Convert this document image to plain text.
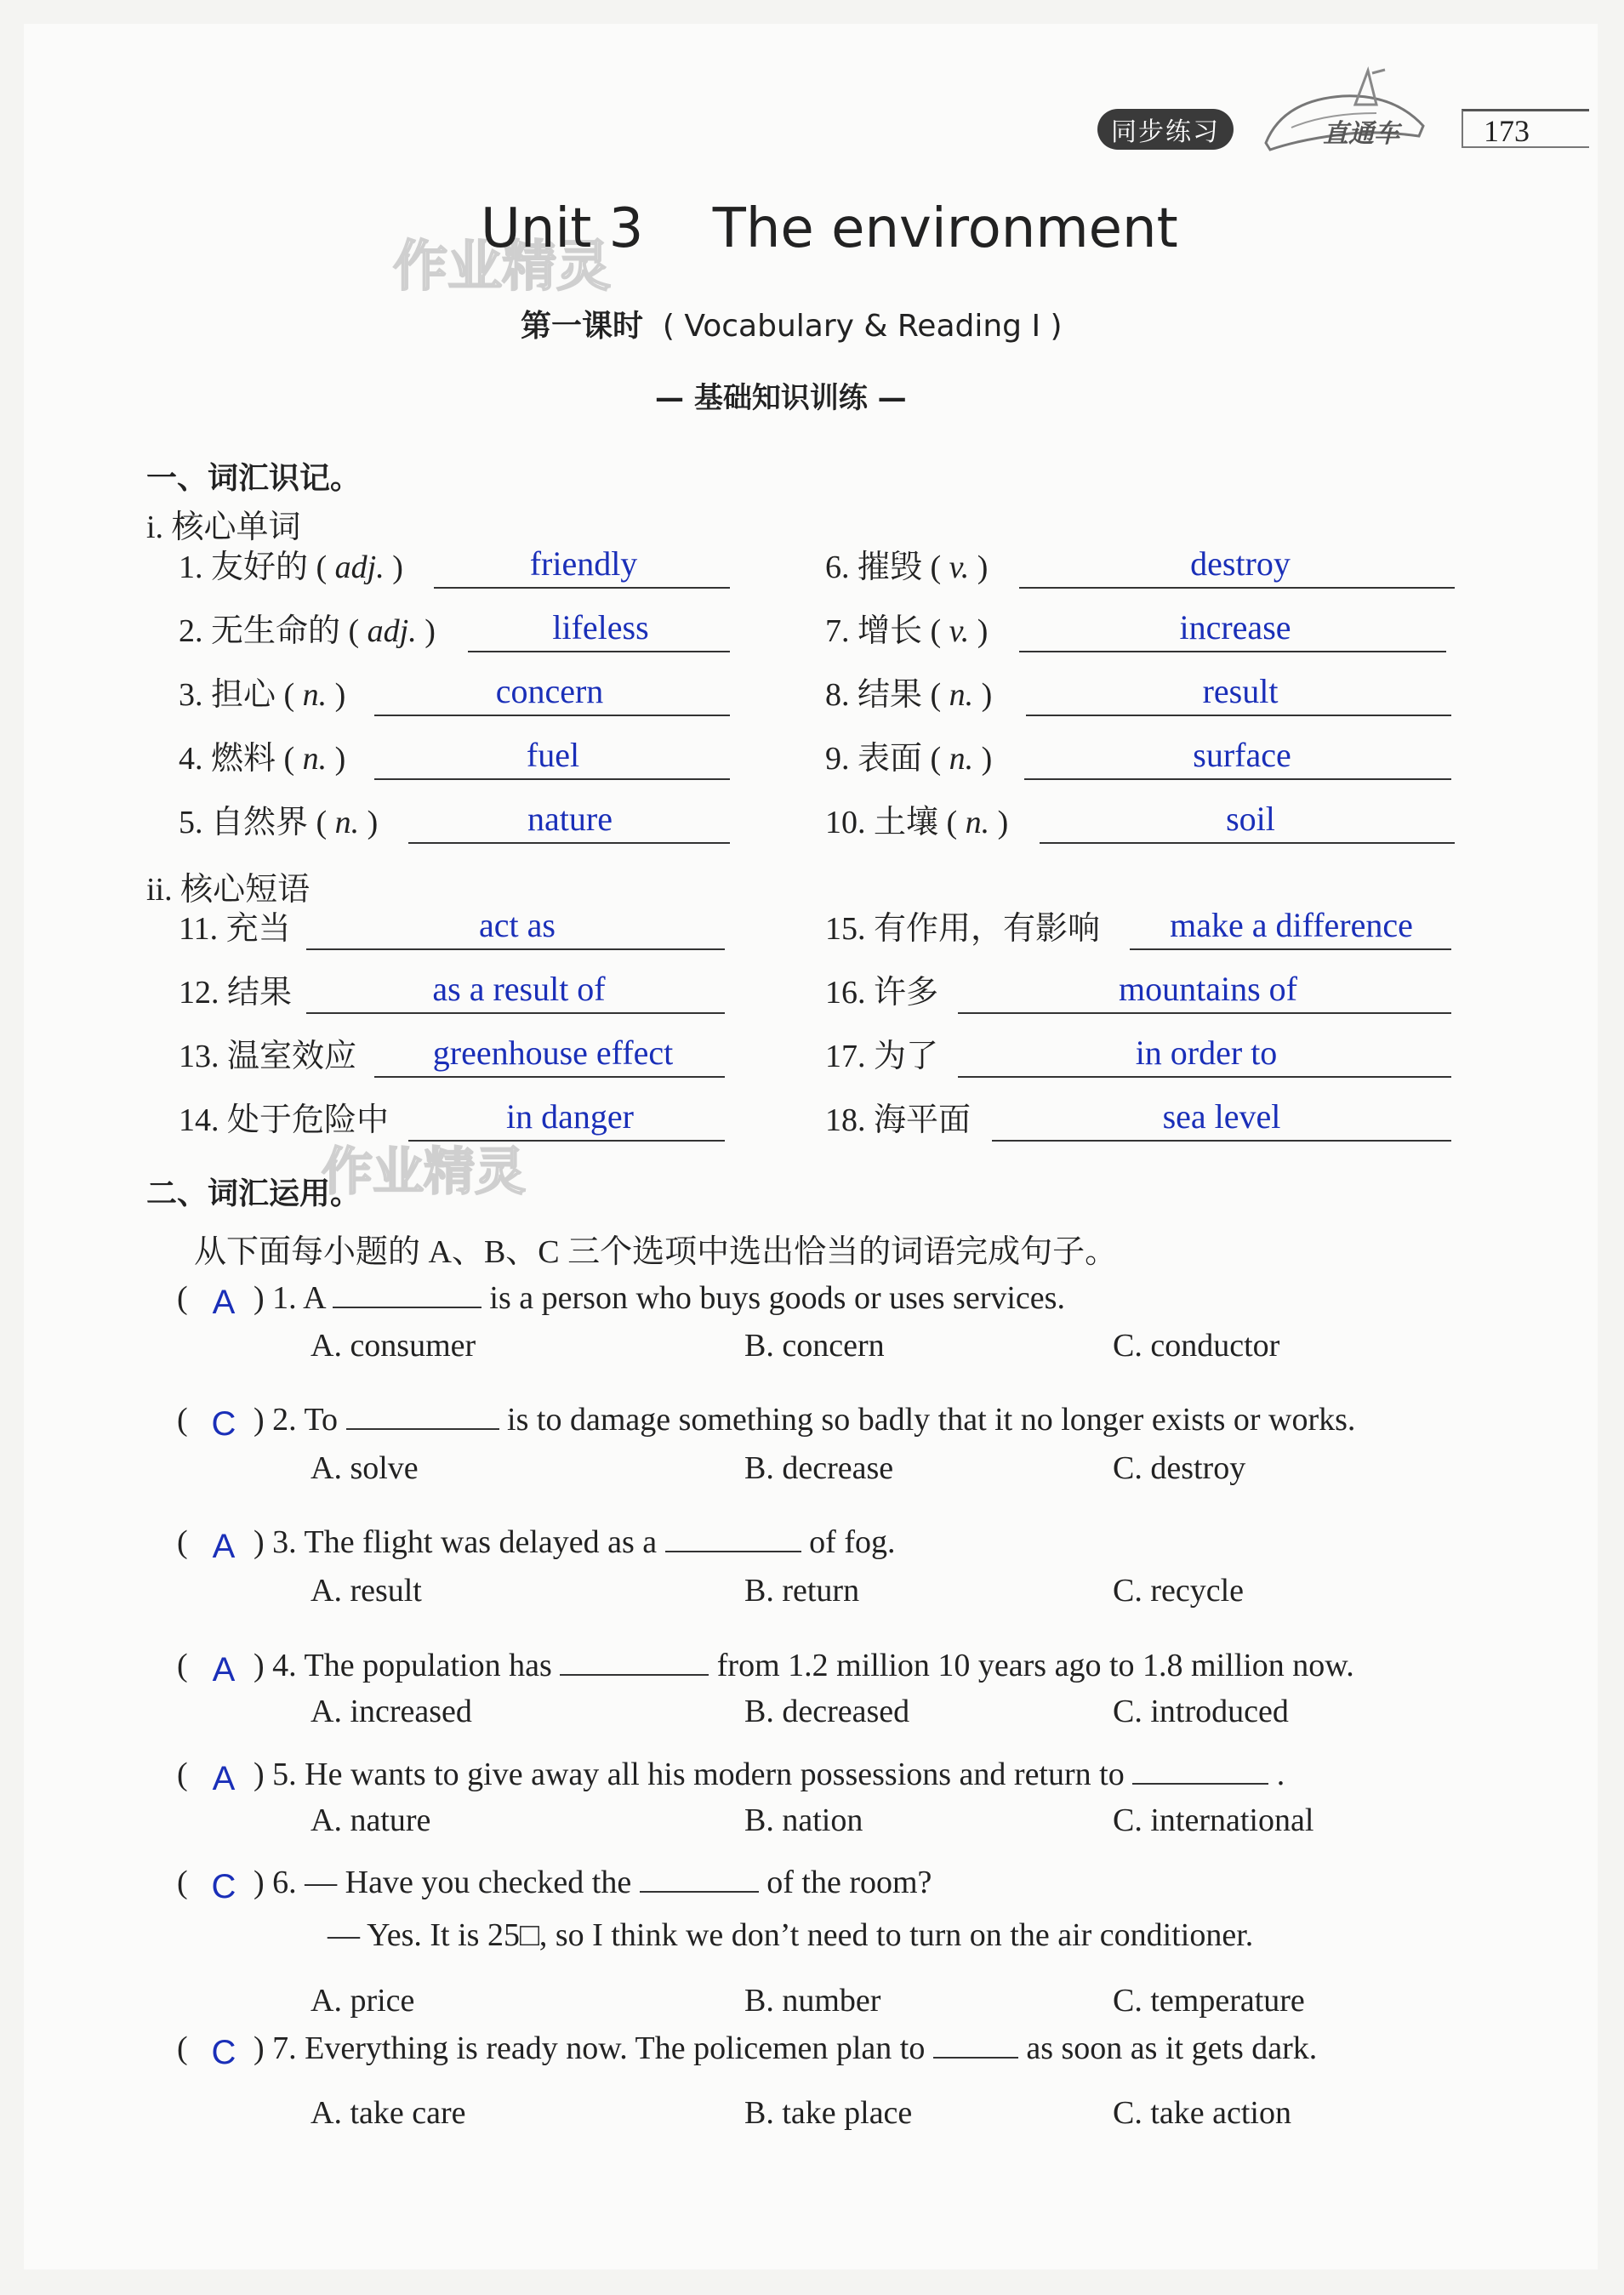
同步练习	直通车	173
作业精灵
作业精灵
Unit 3    The environment
第一课时 ( Vocabulary & Reading I )
— 基础知识训练 —
一、词汇识记。
i. 核心单词
1. 友好的 ( adj. )	friendly
2. 无生命的 ( adj. )	lifeless
3. 担心 ( n. )	concern
4. 燃料 ( n. )	fuel
5. 自然界 ( n. )	nature
6. 摧毁 ( v. )	destroy
7. 增长 ( v. )	increase
8. 结果 ( n. )	result
9. 表面 ( n. )	surface
10. 土壤 ( n. )	soil
11. 充当	act as
12. 结果	as a result of
13. 温室效应 greenhouse effect
14. 处于危险中	in danger
15. 有作用，有影响 make a difference
16. 许多	mountains of
17. 为了	in order to
18. 海平面	sea level
ii. 核心短语
二、词汇运用。
从下面每小题的 A、B、C 三个选项中选出恰当的词语完成句子。
( A ) 1. A	is a person who buys goods or uses services.
A. consumer	B. concern	C. conductor
( C ) 2. To	is to damage something so badly that it no longer exists or works.
A. solve	B. decrease	C. destroy
( A ) 3. The flight was delayed as a	of fog.
A. result	B. return	C. recycle
( A ) 4. The population has	from 1.2 million 10 years ago to 1.8 million now.
A. increased	B. decreased	C. introduced
( A ) 5. He wants to give away all his modern possessions and return to	.
A. nature	B. nation	C. international
( C ) 6. — Have you checked the	of the room?
— Yes. It is 25□, so I think we don’t need to turn on the air conditioner.
A. price	B. number	C. temperature
( C ) 7. Everything is ready now. The policemen plan to	as soon as it gets dark.
A. take care	B. take place	C. take action
